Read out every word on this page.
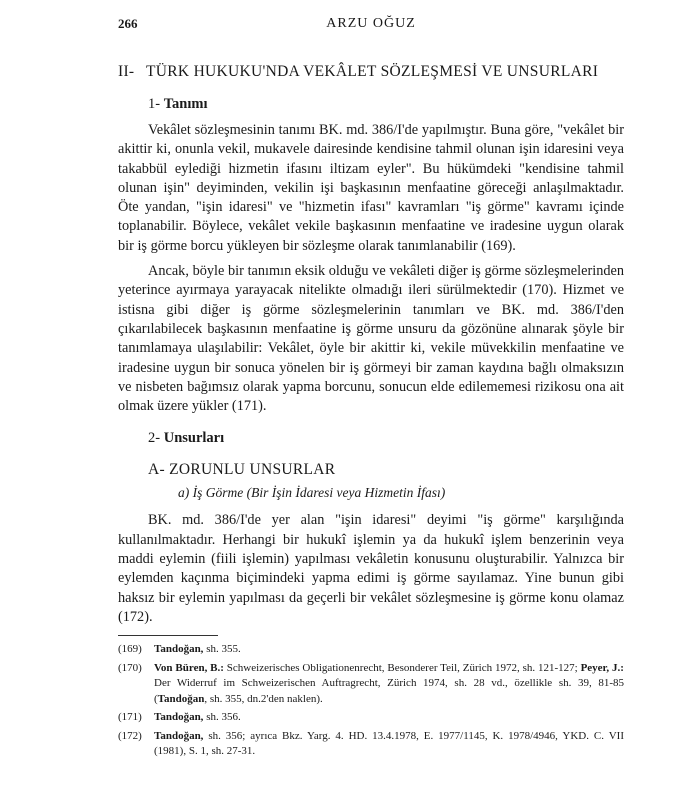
266	ARZU OĞUZ
II- TÜRK HUKUKU'NDA VEKÂLET SÖZLEŞMESİ VE UNSURLARI
1- Tanımı

Vekâlet sözleşmesinin tanımı BK. md. 386/I'de yapılmıştır. Buna göre, "vekâlet bir akittir ki, onunla vekil, mukavele dairesinde kendisine tahmil olunan işin idaresini veya takabbül eylediği hizmetin ifasını iltizam eyler". Bu hükümdeki "kendisine tahmil olunan işin" deyiminden, vekilin işi başkasının menfaatine göreceği anlaşılmaktadır. Öte yandan, "işin idaresi" ve "hizmetin ifası" kavramları "iş görme" kavramı içinde toplanabilir. Böylece, vekâlet vekile başkasının menfaatine ve iradesine uygun olarak bir iş görme borcu yükleyen bir sözleşme olarak tanımlanabilir (169).

Ancak, böyle bir tanımın eksik olduğu ve vekâleti diğer iş görme sözleşmelerinden yeterince ayırmaya yarayacak nitelikte olmadığı ileri sürülmektedir (170). Hizmet ve istisna gibi diğer iş görme sözleşmelerinin tanımları ve BK. md. 386/I'den çıkarılabilecek başkasının menfaatine iş görme unsuru da gözönüne alınarak şöyle bir tanımlamaya ulaşılabilir: Vekâlet, öyle bir akittir ki, vekile müvekkilin menfaatine ve iradesine uygun bir sonuca yönelen bir iş görmeyi bir zaman kaydına bağlı olmaksızın ve nisbeten bağımsız olarak yapma borcunu, sonucun elde edilememesi rizikosu ona ait olmak üzere yükler (171).

2- Unsurları
A- ZORUNLU UNSURLAR
a) İş Görme (Bir İşin İdaresi veya Hizmetin İfası)

BK. md. 386/I'de yer alan "işin idaresi" deyimi "iş görme" karşılığında kullanılmaktadır. Herhangi bir hukukî işlemin ya da hukukî işlem benzerinin veya maddi eylemin (fiili işlemin) yapılması vekâletin konusunu oluşturabilir. Yalnızca bir eylemden kaçınma biçimindeki yapma edimi iş görme sayılamaz. Yine bunun gibi haksız bir eylemin yapılması da geçerli bir vekâlet sözleşmesine iş görme konu olamaz (172).

(169)	Tandoğan, sh. 355.
(170)	Von Büren, B.: Schweizerisches Obligationenrecht, Besonderer Teil, Zürich 1972, sh. 121-127; Peyer, J.: Der Widerruf im Schweizerischen Auftragrecht, Zürich 1974, sh. 28 vd., özellikle sh. 39, 81-85 (Tandoğan, sh. 355, dn.2'den naklen).
(171)	Tandoğan, sh. 356.
(172)	Tandoğan, sh. 356; ayrıca Bkz. Yarg. 4. HD. 13.4.1978, E. 1977/1145, K. 1978/4946, YKD. C. VII (1981), S. 1, sh. 27-31.
